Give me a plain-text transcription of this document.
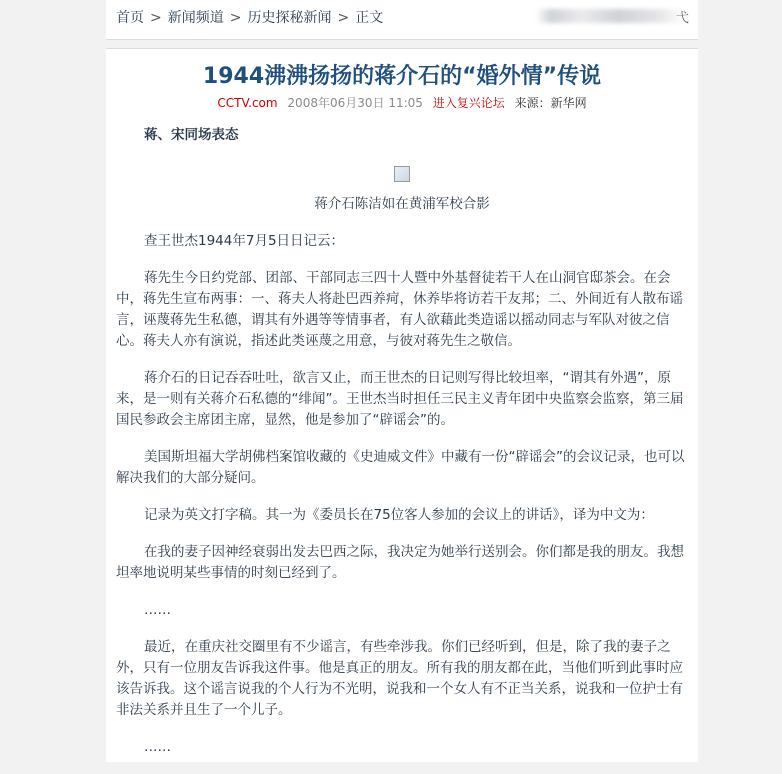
首页 > 新闻频道 > 历史探秘新闻 > 正文	弋
1944沸沸扬扬的蒋介石的“婚外情”传说
CCTV.com 2008年06月30日 11:05 进入复兴论坛 来源：新华网

蒋、宋同场表态

蒋介石陈洁如在黄浦军校合影

查王世杰1944年7月5日日记云：

蒋先生今日约党部、团部、干部同志三四十人暨中外基督徒若干人在山洞官邸茶会。在会中，蒋先生宣布两事：一、蒋夫人将赴巴西养疴，休养毕将访若干友邦；二、外间近有人散布谣言，诬蔑蒋先生私德，谓其有外遇等等情事者，有人欲藉此类造谣以摇动同志与军队对彼之信心。蒋夫人亦有演说，指述此类诬蔑之用意，与彼对蒋先生之敬信。

蒋介石的日记吞吞吐吐，欲言又止，而王世杰的日记则写得比较坦率，“谓其有外遇”，原来，是一则有关蒋介石私德的“绯闻”。王世杰当时担任三民主义青年团中央监察会监察，第三届国民参政会主席团主席，显然，他是参加了“辟谣会”的。

美国斯坦福大学胡佛档案馆收藏的《史迪威文件》中藏有一份“辟谣会”的会议记录，也可以解决我们的大部分疑问。

记录为英文打字稿。其一为《委员长在75位客人参加的会议上的讲话》，译为中文为：

在我的妻子因神经衰弱出发去巴西之际，我决定为她举行送别会。你们都是我的朋友。我想坦率地说明某些事情的时刻已经到了。

……

最近，在重庆社交圈里有不少谣言，有些牵涉我。你们已经听到，但是，除了我的妻子之外，只有一位朋友告诉我这件事。他是真正的朋友。所有我的朋友都在此，当他们听到此事时应该告诉我。这个谣言说我的个人行为不光明，说我和一个女人有不正当关系，说我和一位护士有非法关系并且生了一个儿子。

……
